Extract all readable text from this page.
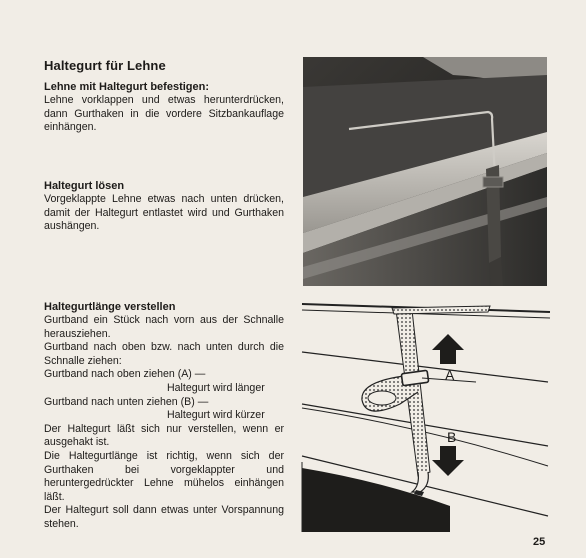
Haltegurt für Lehne
Lehne mit Haltegurt befestigen:

Lehne vorklappen und etwas herunterdrücken, dann Gurthaken in die vordere Sitzbankauflage einhängen.

Haltegurt lösen

Vorgeklappte Lehne etwas nach unten drücken, damit der Haltegurt entlastet wird und Gurthaken aushängen.

Haltegurtlänge verstellen

Gurtband ein Stück nach vorn aus der Schnalle herausziehen.

Gurtband nach oben bzw. nach unten durch die Schnalle ziehen:

Gurtband nach oben ziehen (A) —

Haltegurt wird länger

Gurtband nach unten ziehen (B) —

Haltegurt wird kürzer

Der Haltegurt läßt sich nur verstellen, wenn er ausgehakt ist.

Die Haltegurtlänge ist richtig, wenn sich der Gurthaken bei vorgeklappter und heruntergedrückter Lehne mühelos einhängen läßt.

Der Haltegurt soll dann etwas unter Vorspannung stehen.

A
B
25
